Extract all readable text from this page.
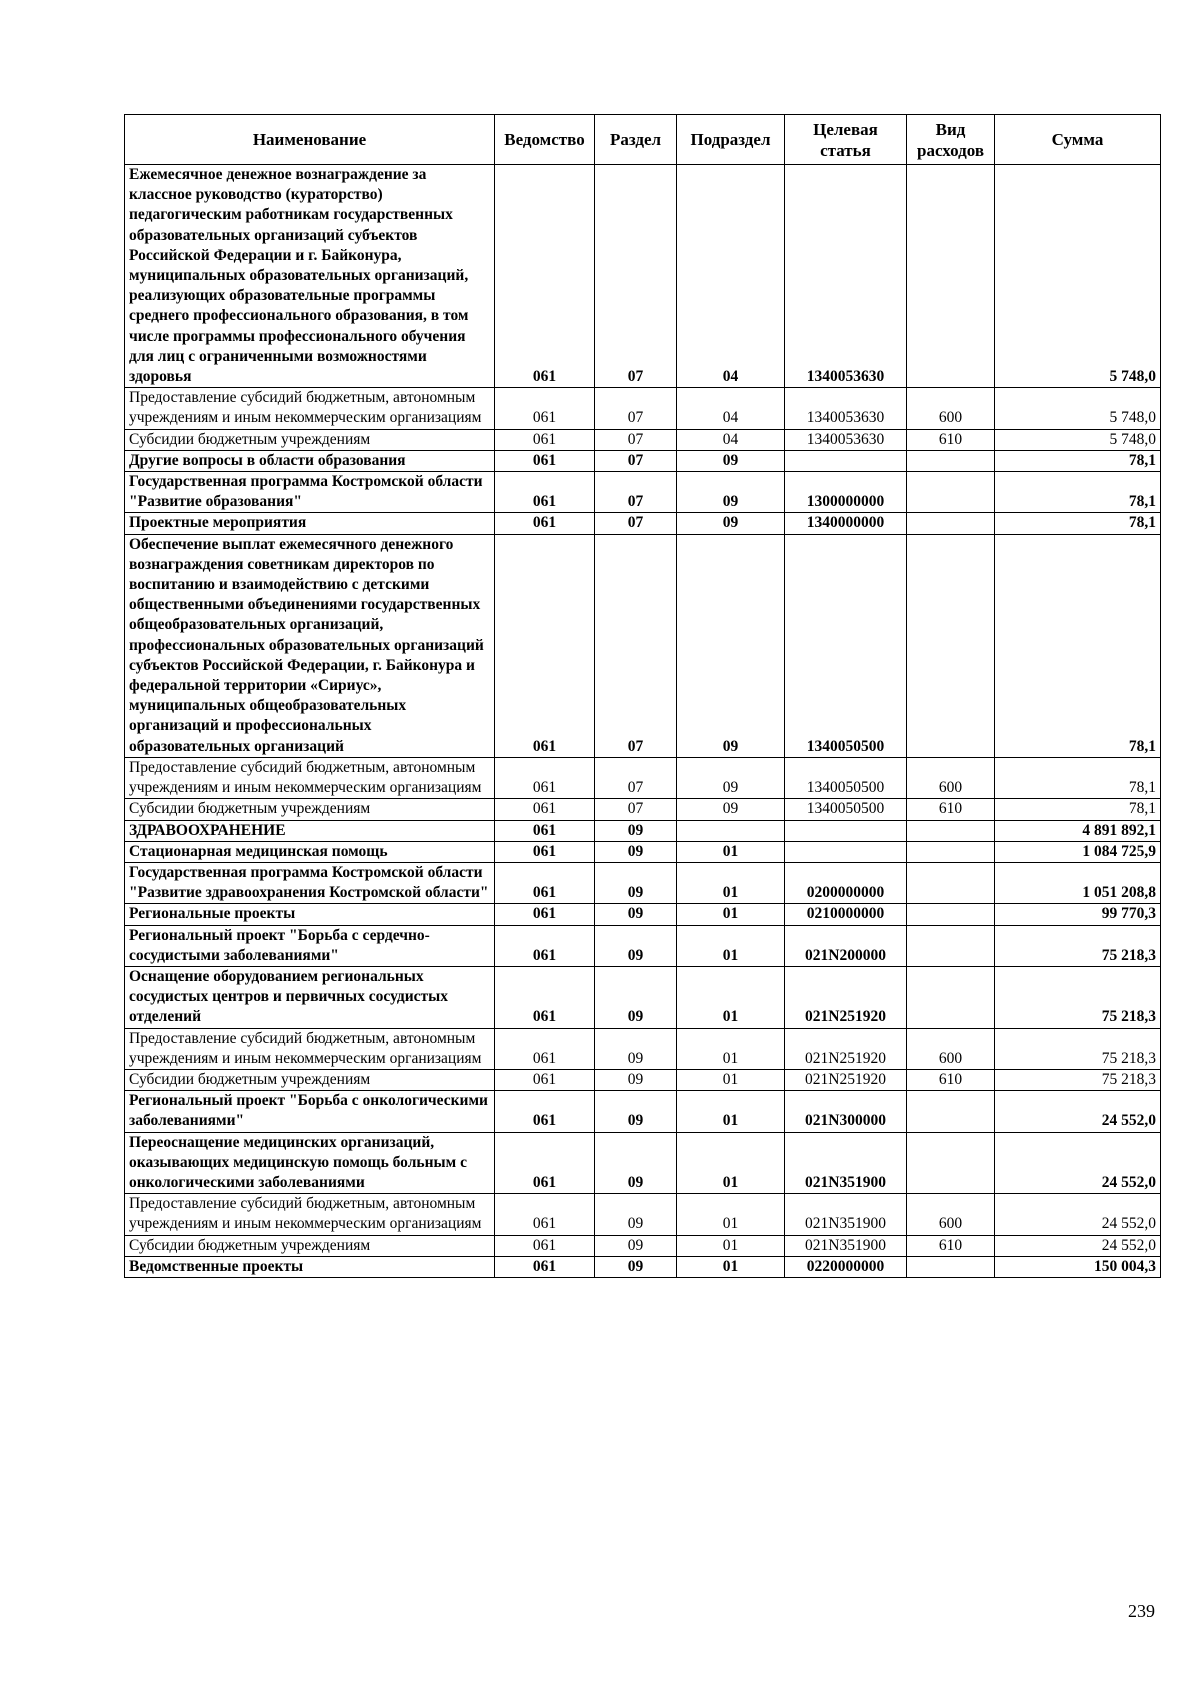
Наименование	Ведомство	Раздел	Подраздел	Целевая статья	Вид расходов	Сумма
Ежемесячное денежное вознаграждение за классное руководство (кураторство) педагогическим работникам государственных образовательных организаций субъектов Российской Федерации и г. Байконура, муниципальных образовательных организаций, реализующих образовательные программы среднего профессионального образования, в том числе программы профессионального обучения для лиц с ограниченными возможностями здоровья	061	07	04	1340053630		5 748,0
Предоставление субсидий бюджетным, автономным учреждениям и иным некоммерческим организациям	061	07	04	1340053630	600	5 748,0
Субсидии бюджетным учреждениям	061	07	04	1340053630	610	5 748,0
Другие вопросы в области образования	061	07	09			78,1
Государственная программа Костромской области "Развитие образования"	061	07	09	1300000000		78,1
Проектные мероприятия	061	07	09	1340000000		78,1
Обеспечение выплат ежемесячного денежного вознаграждения советникам директоров по воспитанию и взаимодействию с детскими общественными объединениями государственных общеобразовательных организаций, профессиональных образовательных организаций субъектов Российской Федерации, г. Байконура и федеральной территории «Сириус», муниципальных общеобразовательных организаций и профессиональных образовательных организаций	061	07	09	1340050500		78,1
Предоставление субсидий бюджетным, автономным учреждениям и иным некоммерческим организациям	061	07	09	1340050500	600	78,1
Субсидии бюджетным учреждениям	061	07	09	1340050500	610	78,1
ЗДРАВООХРАНЕНИЕ	061	09				4 891 892,1
Стационарная медицинская помощь	061	09	01			1 084 725,9
Государственная программа Костромской области "Развитие здравоохранения Костромской области"	061	09	01	0200000000		1 051 208,8
Региональные проекты	061	09	01	0210000000		99 770,3
Региональный проект "Борьба с сердечно-сосудистыми заболеваниями"	061	09	01	021N200000		75 218,3
Оснащение оборудованием региональных сосудистых центров и первичных сосудистых отделений	061	09	01	021N251920		75 218,3
Предоставление субсидий бюджетным, автономным учреждениям и иным некоммерческим организациям	061	09	01	021N251920	600	75 218,3
Субсидии бюджетным учреждениям	061	09	01	021N251920	610	75 218,3
Региональный проект "Борьба с онкологическими заболеваниями"	061	09	01	021N300000		24 552,0
Переоснащение медицинских организаций, оказывающих медицинскую помощь больным с онкологическими заболеваниями	061	09	01	021N351900		24 552,0
Предоставление субсидий бюджетным, автономным учреждениям и иным некоммерческим организациям	061	09	01	021N351900	600	24 552,0
Субсидии бюджетным учреждениям	061	09	01	021N351900	610	24 552,0
Ведомственные проекты	061	09	01	0220000000		150 004,3
239
